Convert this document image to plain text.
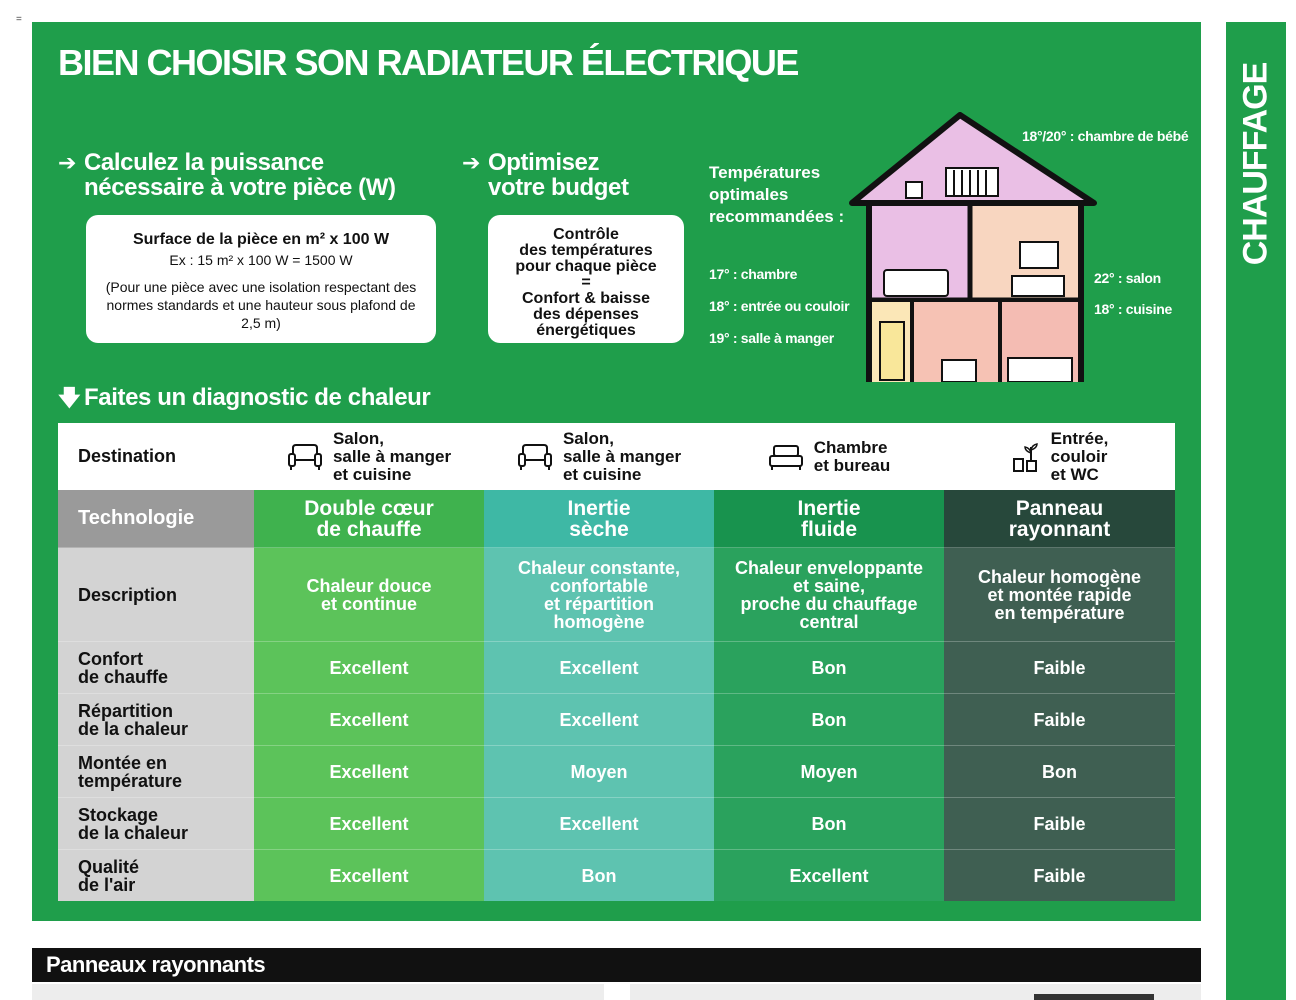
=
BIEN CHOISIR SON RADIATEUR ÉLECTRIQUE
➔ Calculez la puissance
nécessaire à votre pièce (W)
Surface de la pièce en m² x 100 W
Ex : 15 m² x 100 W = 1500 W
(Pour une pièce avec une isolation respectant des normes standards et une hauteur sous plafond de 2,5 m)
➔ Optimisez
votre budget
Contrôle
des températures
pour chaque pièce
=
Confort & baisse
des dépenses
énergétiques
Températures
optimales
recommandées :
18°/20° : chambre de bébé
17° : chambre
18° : entrée ou couloir
19° : salle à manger
22° : salon
18° : cuisine
🡇 Faites un diagnostic de chaleur
Destination	Salon,
salle à manger
et cuisine	Salon,
salle à manger
et cuisine	Chambre
et bureau	Entrée,
couloir
et WC

Technologie	Double cœur
de chauffe	Inertie
sèche	Inertie
fluide	Panneau
rayonnant
Description	Chaleur douce
et continue	Chaleur constante,
confortable
et répartition
homogène	Chaleur enveloppante
et saine,
proche du chauffage
central	Chaleur homogène
et montée rapide
en température
Confort
de chauffe	Excellent	Excellent	Bon	Faible
Répartition
de la chaleur	Excellent	Excellent	Bon	Faible
Montée en
température	Excellent	Moyen	Moyen	Bon
Stockage
de la chaleur	Excellent	Excellent	Bon	Faible
Qualité
de l'air	Excellent	Bon	Excellent	Faible
CHAUFFAGE
Panneaux rayonnants
